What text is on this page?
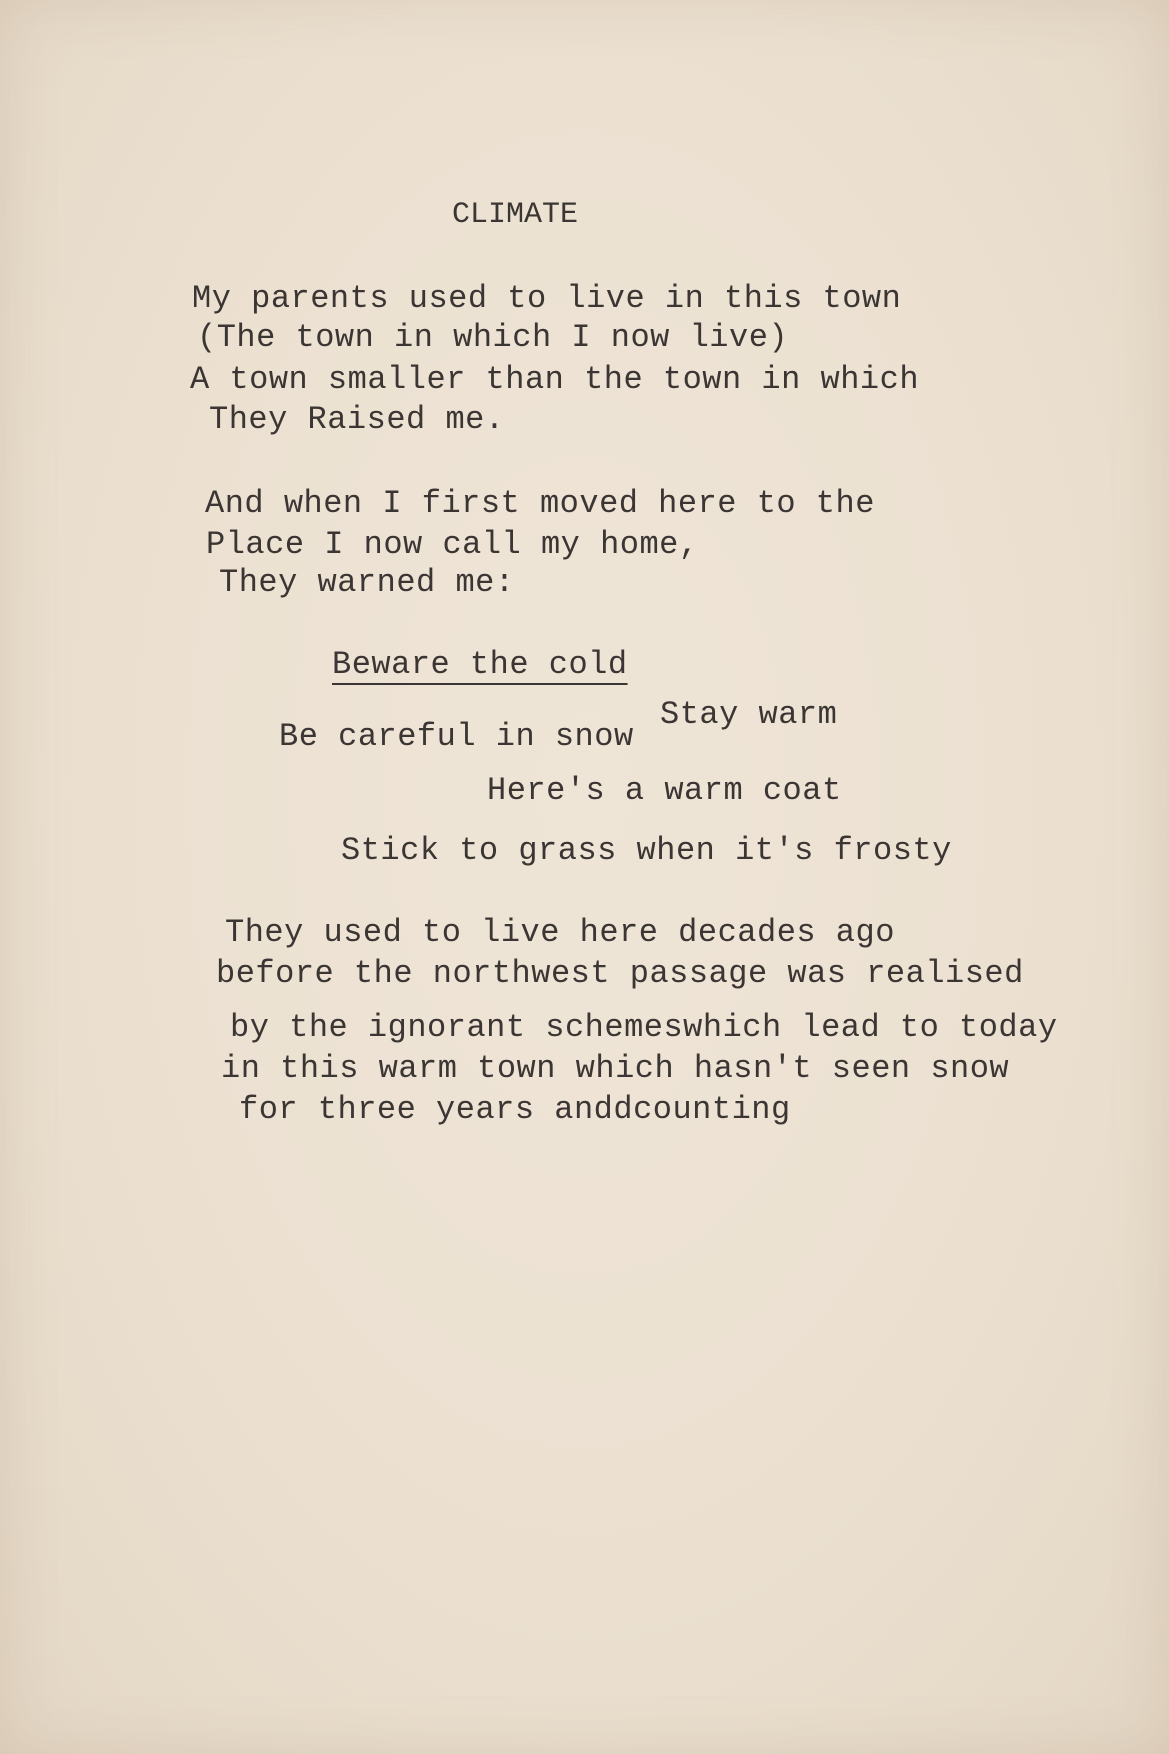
CLIMATE
My parents used to live in this town
(The town in which I now live)
A town smaller than the town in which
They Raised me.
And when I first moved here to the
Place I now call my home,
They warned me:
Beware the cold
Be careful in snow
Stay warm
Here's a warm coat
Stick to grass when it's frosty
They used to live here decades ago
before the northwest passage was realised
by the ignorant schemeswhich lead to today
in this warm town which hasn't seen snow
for three years anddcounting
